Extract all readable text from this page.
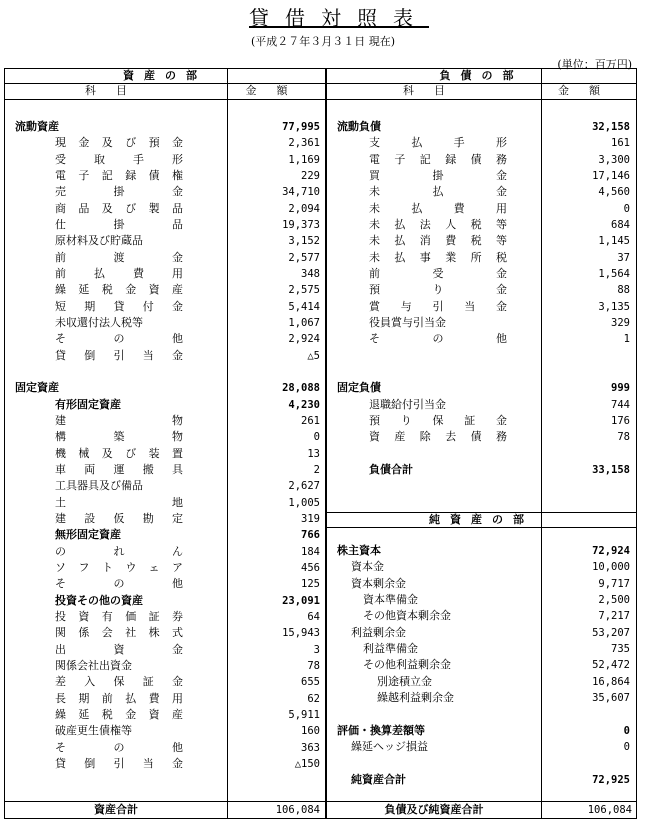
貸借対照表
(平成２７年３月３１日 現在)
(単位：百万円)
資産の部	負債の部
科目	金額	科目	金額
純資産の部
流動資産	77,995
現金及び預金	2,361
受取手形	1,169
電子記録債権	229
売掛金	34,710
商品及び製品	2,094
仕掛品	19,373
原材料及び貯蔵品	3,152
前渡金	2,577
前払費用	348
繰延税金資産	2,575
短期貸付金	5,414
未収還付法人税等	1,067
その他	2,924
貸倒引当金	△5
固定資産	28,088
有形固定資産	4,230
建物	261
構築物	0
機械及び装置	13
車両運搬具	2
工具器具及び備品	2,627
土地	1,005
建設仮勘定	319
無形固定資産	766
のれん	184
ソフトウェア	456
その他	125
投資その他の資産	23,091
投資有価証券	64
関係会社株式	15,943
出資金	3
関係会社出資金	78
差入保証金	655
長期前払費用	62
繰延税金資産	5,911
破産更生債権等	160
その他	363
貸倒引当金	△150
流動負債	32,158
支払手形	161
電子記録債務	3,300
買掛金	17,146
未払金	4,560
未払費用	0
未払法人税等	684
未払消費税等	1,145
未払事業所税	37
前受金	1,564
預り金	88
賞与引当金	3,135
役員賞与引当金	329
その他	1
固定負債	999
退職給付引当金	744
預り保証金	176
資産除去債務	78
負債合計	33,158
株主資本	72,924
資本金	10,000
資本剰余金	9,717
資本準備金	2,500
その他資本剰余金	7,217
利益剰余金	53,207
利益準備金	735
その他利益剰余金	52,472
別途積立金	16,864
繰越利益剰余金	35,607
評価・換算差額等	0
繰延ヘッジ損益	0
純資産合計	72,925
資産合計	106,084	負債及び純資産合計	106,084
